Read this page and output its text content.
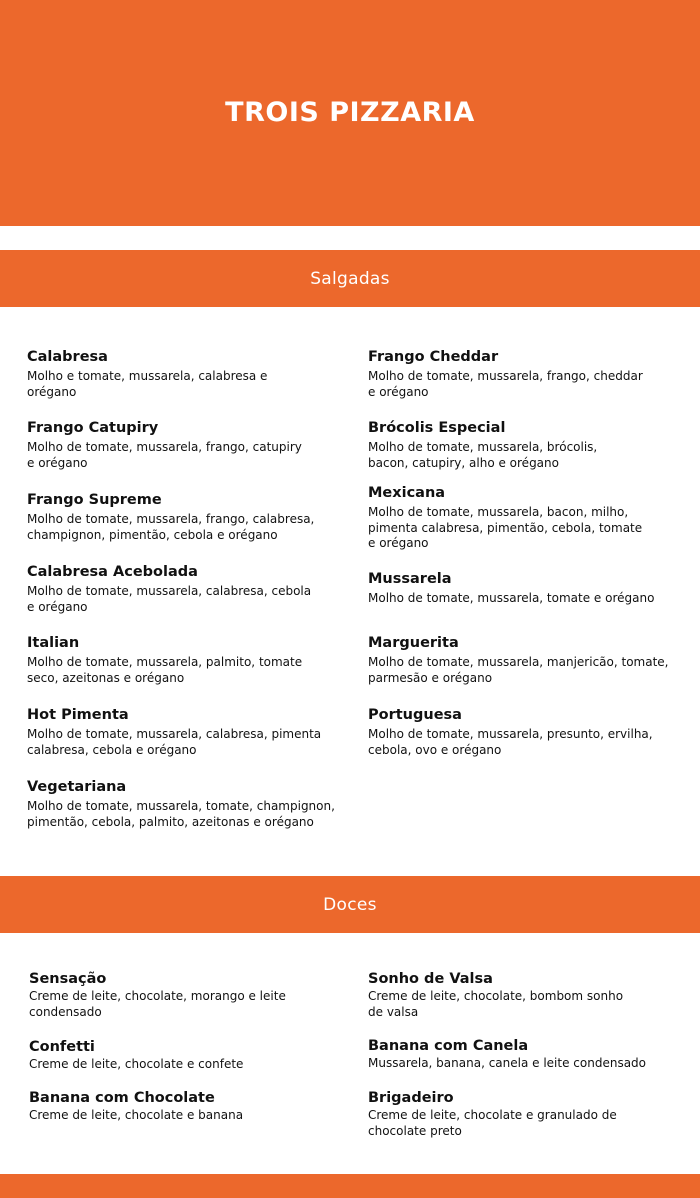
TROIS PIZZARIA
Salgadas
Calabresa
Molho e tomate, mussarela, calabresa e
orégano
Frango Catupiry
Molho de tomate, mussarela, frango, catupiry
e orégano
Frango Supreme
Molho de tomate, mussarela, frango, calabresa,
champignon, pimentão, cebola e orégano
Calabresa Acebolada
Molho de tomate, mussarela, calabresa, cebola
e orégano
Italian
Molho de tomate, mussarela, palmito, tomate
seco, azeitonas e orégano
Hot Pimenta
Molho de tomate, mussarela, calabresa, pimenta
calabresa, cebola e orégano
Vegetariana
Molho de tomate, mussarela, tomate, champignon,
pimentão, cebola, palmito, azeitonas e orégano
Frango Cheddar
Molho de tomate, mussarela, frango, cheddar
e orégano
Brócolis Especial
Molho de tomate, mussarela, brócolis,
bacon, catupiry, alho e orégano
Mexicana
Molho de tomate, mussarela, bacon, milho,
pimenta calabresa, pimentão, cebola, tomate
e orégano
Mussarela
Molho de tomate, mussarela, tomate e orégano
Marguerita
Molho de tomate, mussarela, manjericão, tomate,
parmesão e orégano
Portuguesa
Molho de tomate, mussarela, presunto, ervilha,
cebola, ovo e orégano
Doces
Sensação
Creme de leite, chocolate, morango e leite
condensado
Confetti
Creme de leite, chocolate e confete
Banana com Chocolate
Creme de leite, chocolate e banana
Sonho de Valsa
Creme de leite, chocolate, bombom sonho
de valsa
Banana com Canela
Mussarela, banana, canela e leite condensado
Brigadeiro
Creme de leite, chocolate e granulado de
chocolate preto
